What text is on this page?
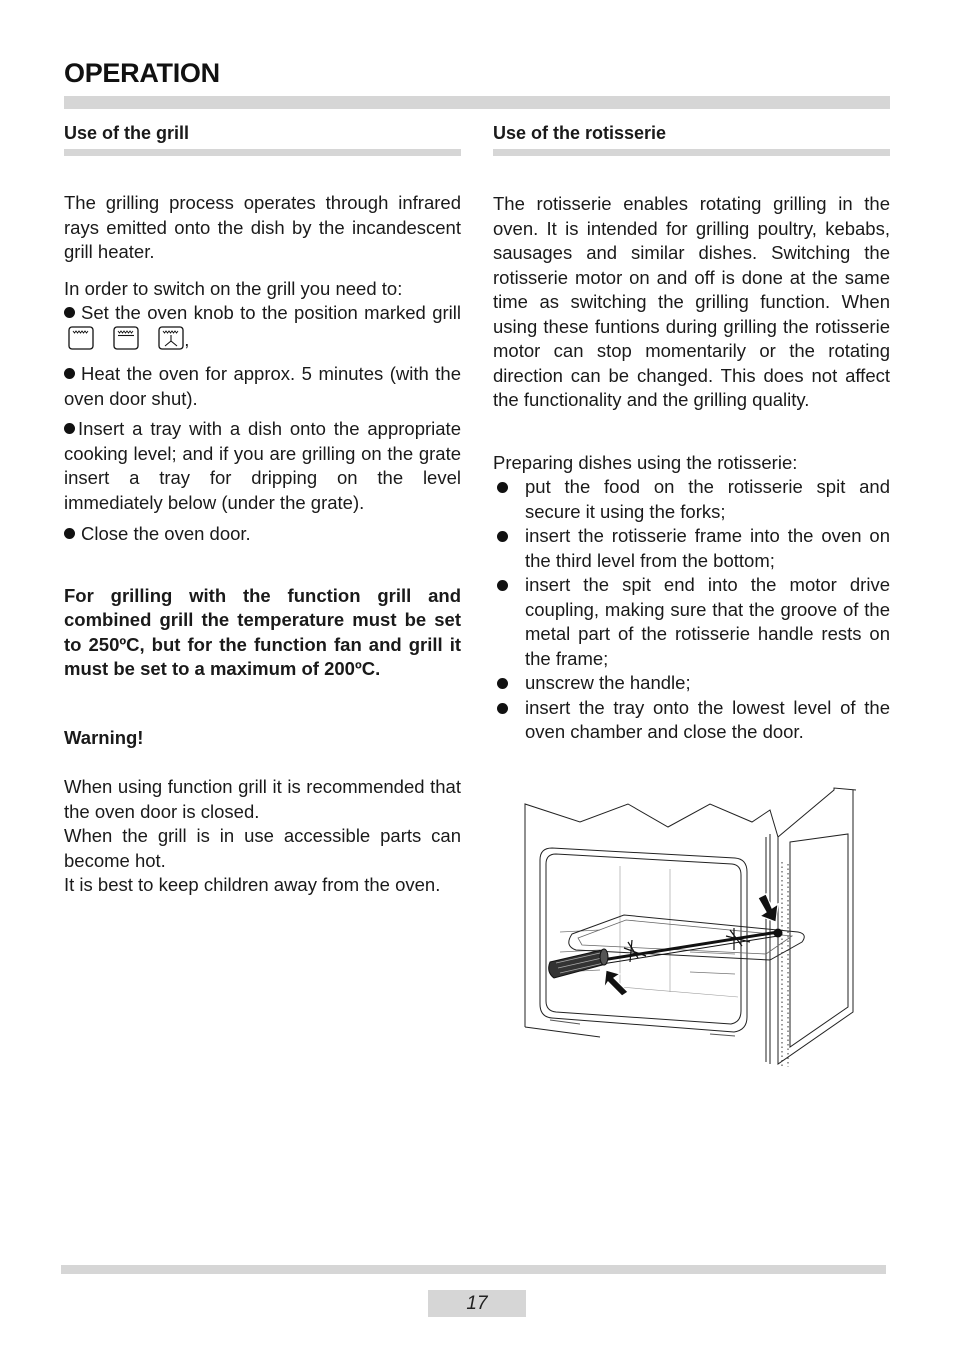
OPERATION
Use of the grill

The grilling process operates through infrared rays emitted onto the dish by the incandescent grill heater.

In order to switch on the grill you need to:

Set the oven knob to the position marked grill  ,

Heat the oven for approx. 5 minutes (with the oven door shut).

Insert a tray with a dish onto the appropriate cooking level; and if you are grilling on the grate insert a tray for dripping on the level immediately below (under the grate).

Close the oven door.

For grilling with the function grill and combined grill the temperature must be set to 250ºC, but for the function fan and grill it must be set to a maximum of 200ºC.

Warning!

When using function grill it is recommended that the oven door is closed.

When the grill is in use accessible parts can become hot.

It is best to keep children away from the oven.

Use of the rotisserie

The rotisserie enables rotating grilling in the oven. It is intended for grilling poultry, kebabs, sausages and similar dishes. Switching the rotisserie motor on and off is done at the same time as switching the grilling function. When using these funtions during grilling the rotisserie motor can stop momentarily or the rotating direction can be changed. This does not affect the functionality and the grilling quality.

Preparing dishes using the rotisserie:

put the food on the rotisserie spit and secure it using the forks;
insert the rotisserie frame into the oven on the third level from the bottom;
insert the spit end into the motor drive coupling, making sure that the groove of the metal part of the rotisserie handle rests on the frame;
unscrew the handle;
insert the tray onto the lowest level of the oven chamber and close the door.
17
